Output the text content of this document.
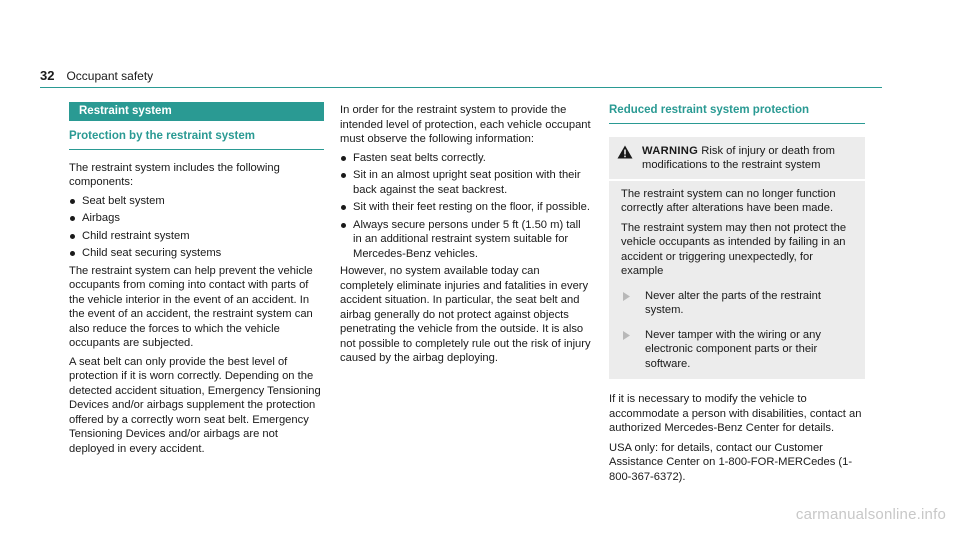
32 Occupant safety
Restraint system
Protection by the restraint system

The restraint system includes the following components:

Seat belt system
Airbags
Child restraint system
Child seat securing systems

The restraint system can help prevent the vehicle occupants from coming into contact with parts of the vehicle interior in the event of an accident. In the event of an accident, the restraint system can also reduce the forces to which the vehicle occupants are subjected.

A seat belt can only provide the best level of protection if it is worn correctly. Depending on the detected accident situation, Emergency Tensioning Devices and/or airbags supplement the protection offered by a correctly worn seat belt. Emergency Tensioning Devices and/or airbags are not deployed in every accident.

In order for the restraint system to provide the intended level of protection, each vehicle occupant must observe the following information:

Fasten seat belts correctly.
Sit in an almost upright seat position with their back against the seat backrest.
Sit with their feet resting on the floor, if possible.
Always secure persons under 5 ft (1.50 m) tall in an additional restraint system suitable for Mercedes-Benz vehicles.

However, no system available today can completely eliminate injuries and fatalities in every accident situation. In particular, the seat belt and airbag generally do not protect against objects penetrating the vehicle from the outside. It is also not possible to completely rule out the risk of injury caused by the airbag deploying.

Reduced restraint system protection
WARNING Risk of injury or death from modifications to the restraint system

The restraint system can no longer function correctly after alterations have been made.

The restraint system may then not protect the vehicle occupants as intended by failing in an accident or triggering unexpectedly, for example

Never alter the parts of the restraint system.
Never tamper with the wiring or any electronic component parts or their software.

If it is necessary to modify the vehicle to accommodate a person with disabilities, contact an authorized Mercedes-Benz Center for details.

USA only: for details, contact our Customer Assistance Center on 1-800-FOR-MERCedes (1-800-367-6372).

carmanualsonline.info
